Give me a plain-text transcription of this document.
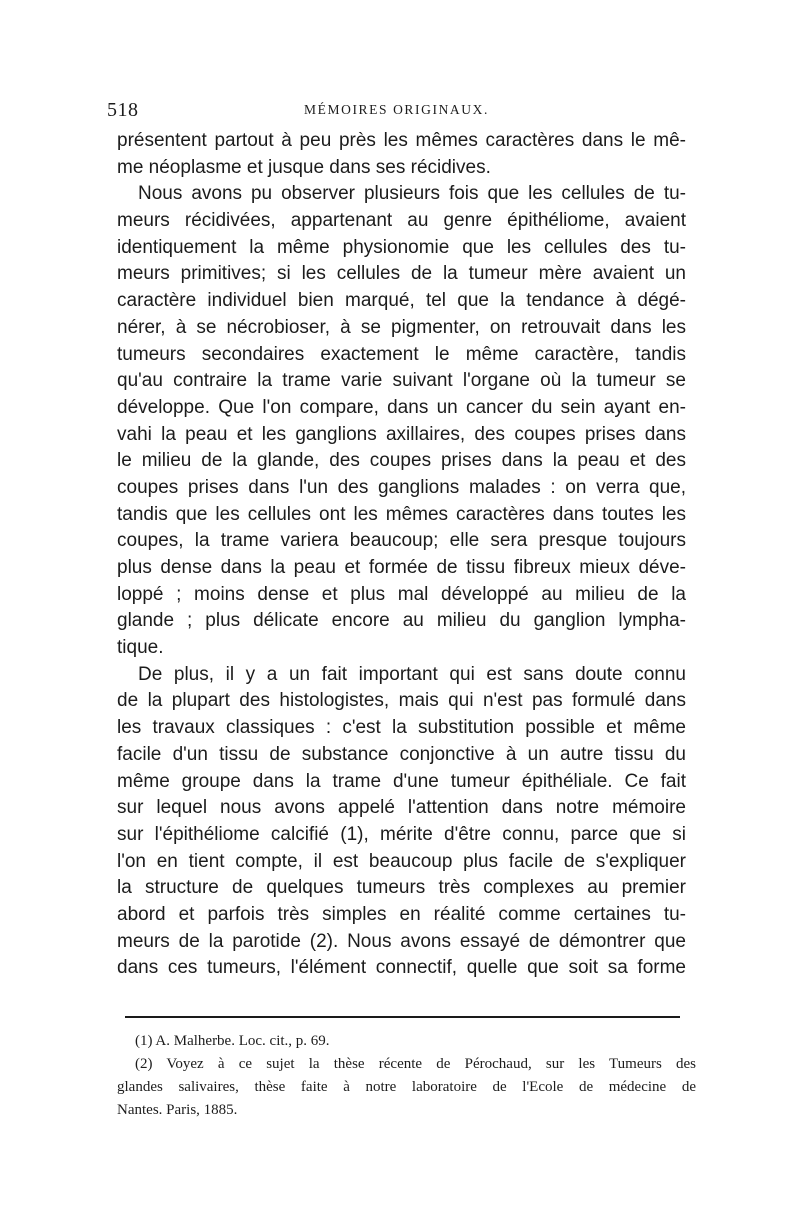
518	MÉMOIRES ORIGINAUX.
présentent partout à peu près les mêmes caractères dans le mê-
me néoplasme et jusque dans ses récidives.
Nous avons pu observer plusieurs fois que les cellules de tu-
meurs récidivées, appartenant au genre épithéliome, avaient
identiquement la même physionomie que les cellules des tu-
meurs primitives; si les cellules de la tumeur mère avaient un
caractère individuel bien marqué, tel que la tendance à dégé-
nérer, à se nécrobioser, à se pigmenter, on retrouvait dans les
tumeurs secondaires exactement le même caractère, tandis
qu'au contraire la trame varie suivant l'organe où la tumeur se
développe. Que l'on compare, dans un cancer du sein ayant en-
vahi la peau et les ganglions axillaires, des coupes prises dans
le milieu de la glande, des coupes prises dans la peau et des
coupes prises dans l'un des ganglions malades : on verra que,
tandis que les cellules ont les mêmes caractères dans toutes les
coupes, la trame variera beaucoup; elle sera presque toujours
plus dense dans la peau et formée de tissu fibreux mieux déve-
loppé ; moins dense et plus mal développé au milieu de la
glande ; plus délicate encore au milieu du ganglion lympha-
tique.
De plus, il y a un fait important qui est sans doute connu
de la plupart des histologistes, mais qui n'est pas formulé dans
les travaux classiques : c'est la substitution possible et même
facile d'un tissu de substance conjonctive à un autre tissu du
même groupe dans la trame d'une tumeur épithéliale. Ce fait
sur lequel nous avons appelé l'attention dans notre mémoire
sur l'épithéliome calcifié (1), mérite d'être connu, parce que si
l'on en tient compte, il est beaucoup plus facile de s'expliquer
la structure de quelques tumeurs très complexes au premier
abord et parfois très simples en réalité comme certaines tu-
meurs de la parotide (2). Nous avons essayé de démontrer que
dans ces tumeurs, l'élément connectif, quelle que soit sa forme
(1) A. Malherbe. Loc. cit., p. 69.
(2) Voyez à ce sujet la thèse récente de Pérochaud, sur les Tumeurs des
glandes salivaires, thèse faite à notre laboratoire de l'Ecole de médecine de
Nantes. Paris, 1885.
